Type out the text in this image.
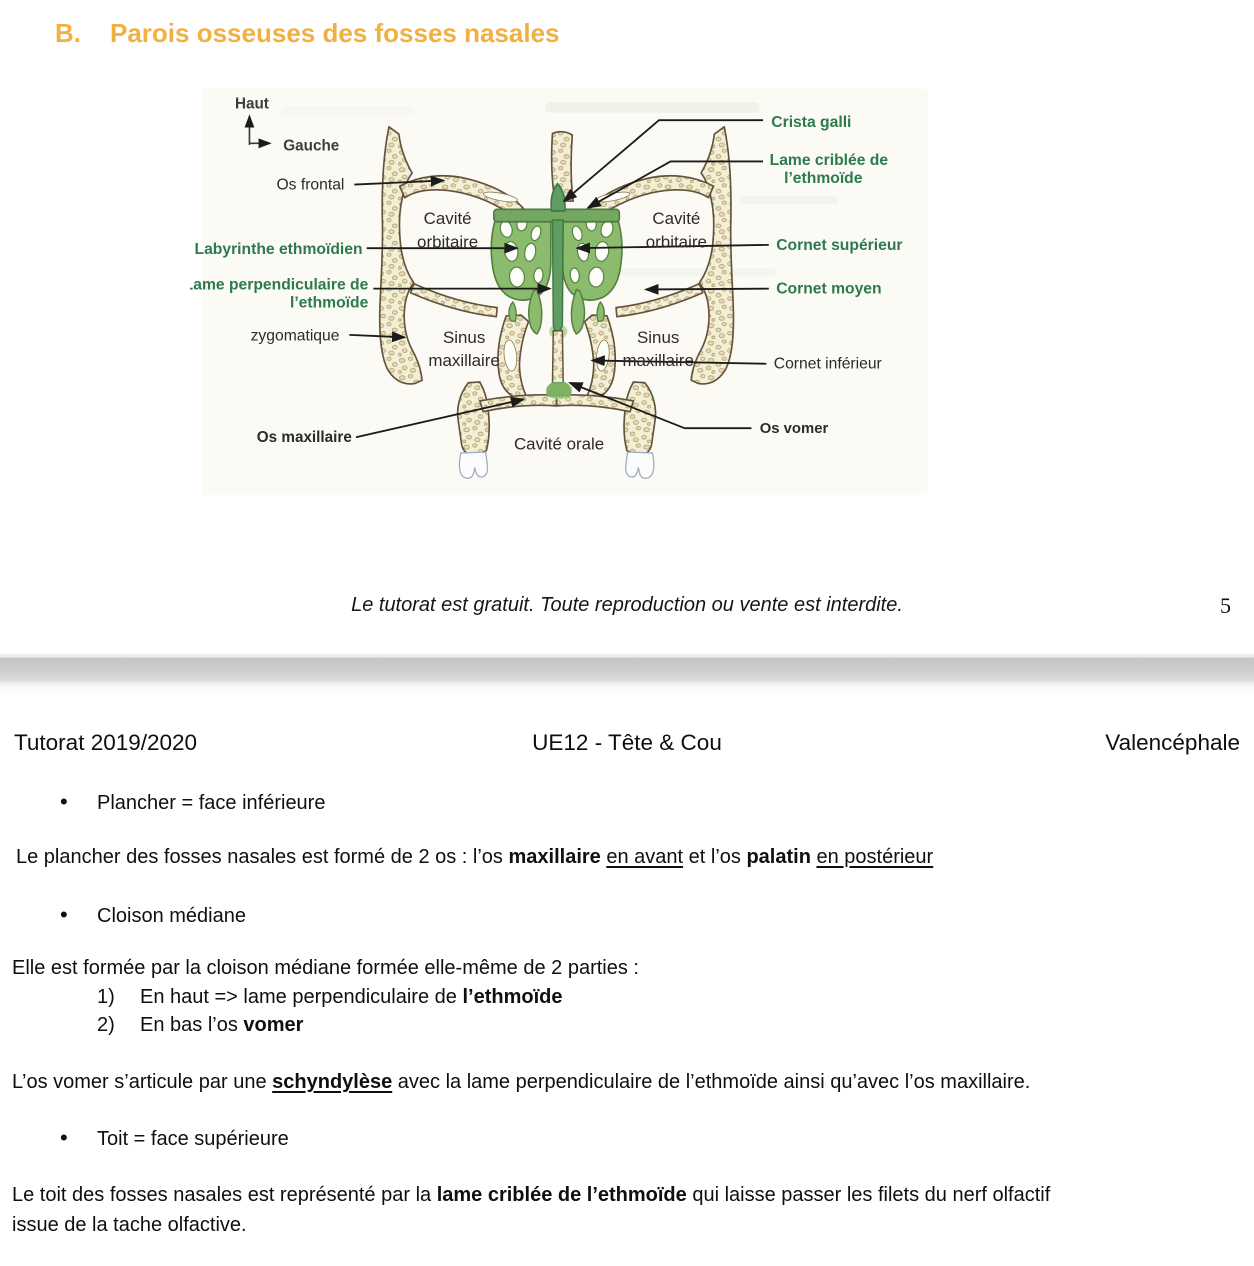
B. Parois osseuses des fosses nasales
Haut
Gauche
Os frontal
Labyrinthe ethmoïdien
Lame perpendiculaire de
l’ethmoïde
zygomatique
Os maxillaire
Crista galli
Lame criblée de
l’ethmoïde
Cornet supérieur
Cornet moyen
Cornet inférieur
Os vomer
Cavité
orbitaire
Cavité
orbitaire
Sinus
maxillaire
Sinus
maxillaire
Cavité orale
Le tutorat est gratuit. Toute reproduction ou vente est interdite.	5
UE12 - Tête & Cou
Tutorat 2019/2020	Valencéphale
• Plancher = face inférieure
Le plancher des fosses nasales est formé de 2 os : l’os maxillaire en avant et l’os palatin en postérieur
• Cloison médiane
Elle est formée par la cloison médiane formée elle-même de 2 parties :
1) En haut => lame perpendiculaire de l’ethmoïde
2) En bas l’os vomer
L’os vomer s’articule par une schyndylèse avec la lame perpendiculaire de l’ethmoïde ainsi qu’avec l’os maxillaire.
• Toit = face supérieure
Le toit des fosses nasales est représenté par la lame criblée de l’ethmoïde qui laisse passer les filets du nerf olfactif
issue de la tache olfactive.
